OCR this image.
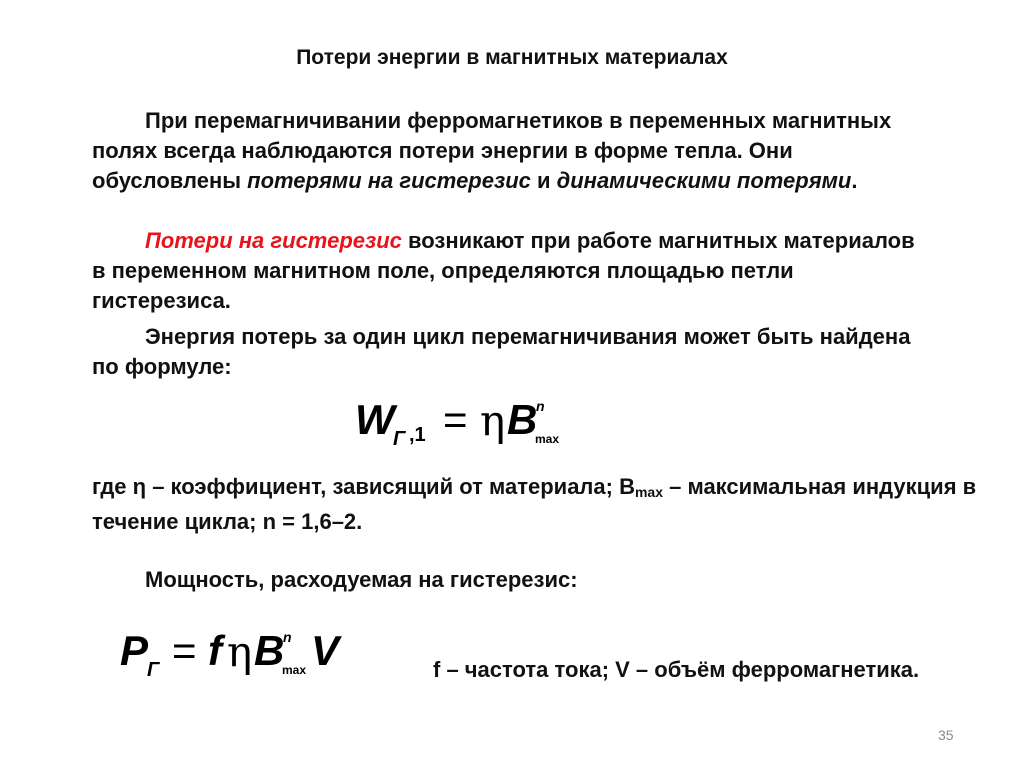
Потери энергии в магнитных материалах

При перемагничивании ферромагнетиков в переменных магнитных полях всегда наблюдаются потери энергии в форме тепла. Они обусловлены потерями на гистерезис и динамическими потерями.

Потери на гистерезис возникают при работе магнитных материалов в переменном магнитном поле, определяются площадью петли гистерезиса.

Энергия потерь за один цикл перемагничивания может быть найдена по формуле:

W
Г ,1 = η B
n
max
где η – коэффициент, зависящий от материала; Bmax – максимальная индукция в течение цикла; n = 1,6–2.
Мощность, расходуемая на гистерезис:
P
Г = f η B
n
max V	f – частота тока; V – объём ферромагнетика.
35
